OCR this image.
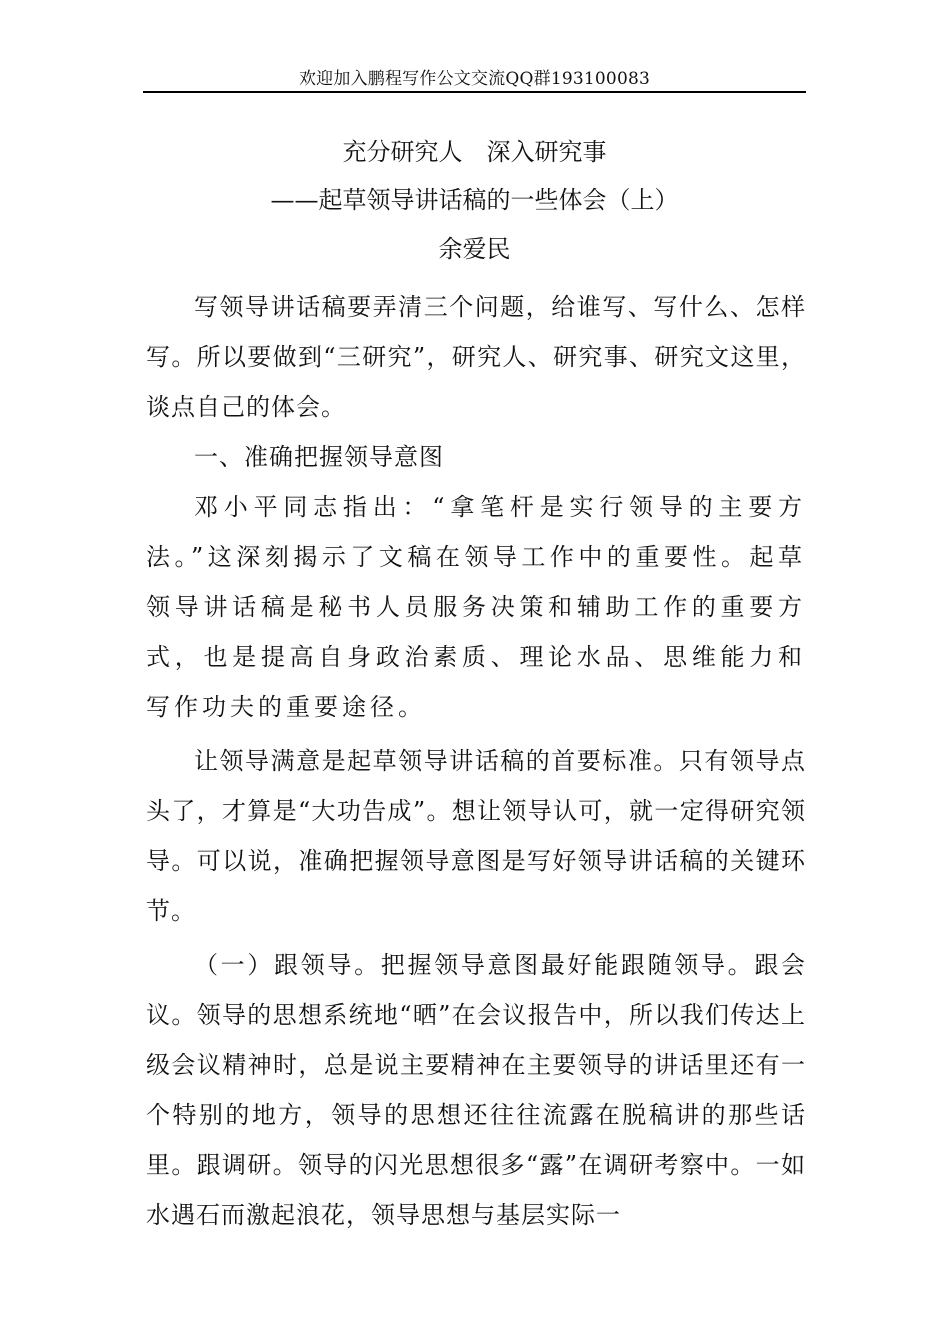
欢迎加入鹏程写作公文交流QQ群193100083
充分研究人　深入研究事
——起草领导讲话稿的一些体会（上）
余爱民

写领导讲话稿要弄清三个问题，给谁写、写什么、怎样写。所以要做到“三研究”，研究人、研究事、研究文这里，谈点自己的体会。

一、准确把握领导意图

邓小平同志指出：“拿笔杆是实行领导的主要方法。”这深刻揭示了文稿在领导工作中的重要性。起草领导讲话稿是秘书人员服务决策和辅助工作的重要方式，也是提高自身政治素质、理论水品、思维能力和写作功夫的重要途径。

让领导满意是起草领导讲话稿的首要标准。只有领导点头了，才算是“大功告成”。想让领导认可，就一定得研究领导。可以说，准确把握领导意图是写好领导讲话稿的关键环节。

（一）跟领导。把握领导意图最好能跟随领导。跟会议。领导的思想系统地“晒”在会议报告中，所以我们传达上级会议精神时，总是说主要精神在主要领导的讲话里还有一个特别的地方，领导的思想还往往流露在脱稿讲的那些话里。跟调研。领导的闪光思想很多“露”在调研考察中。一如水遇石而激起浪花，领导思想与基层实际一
